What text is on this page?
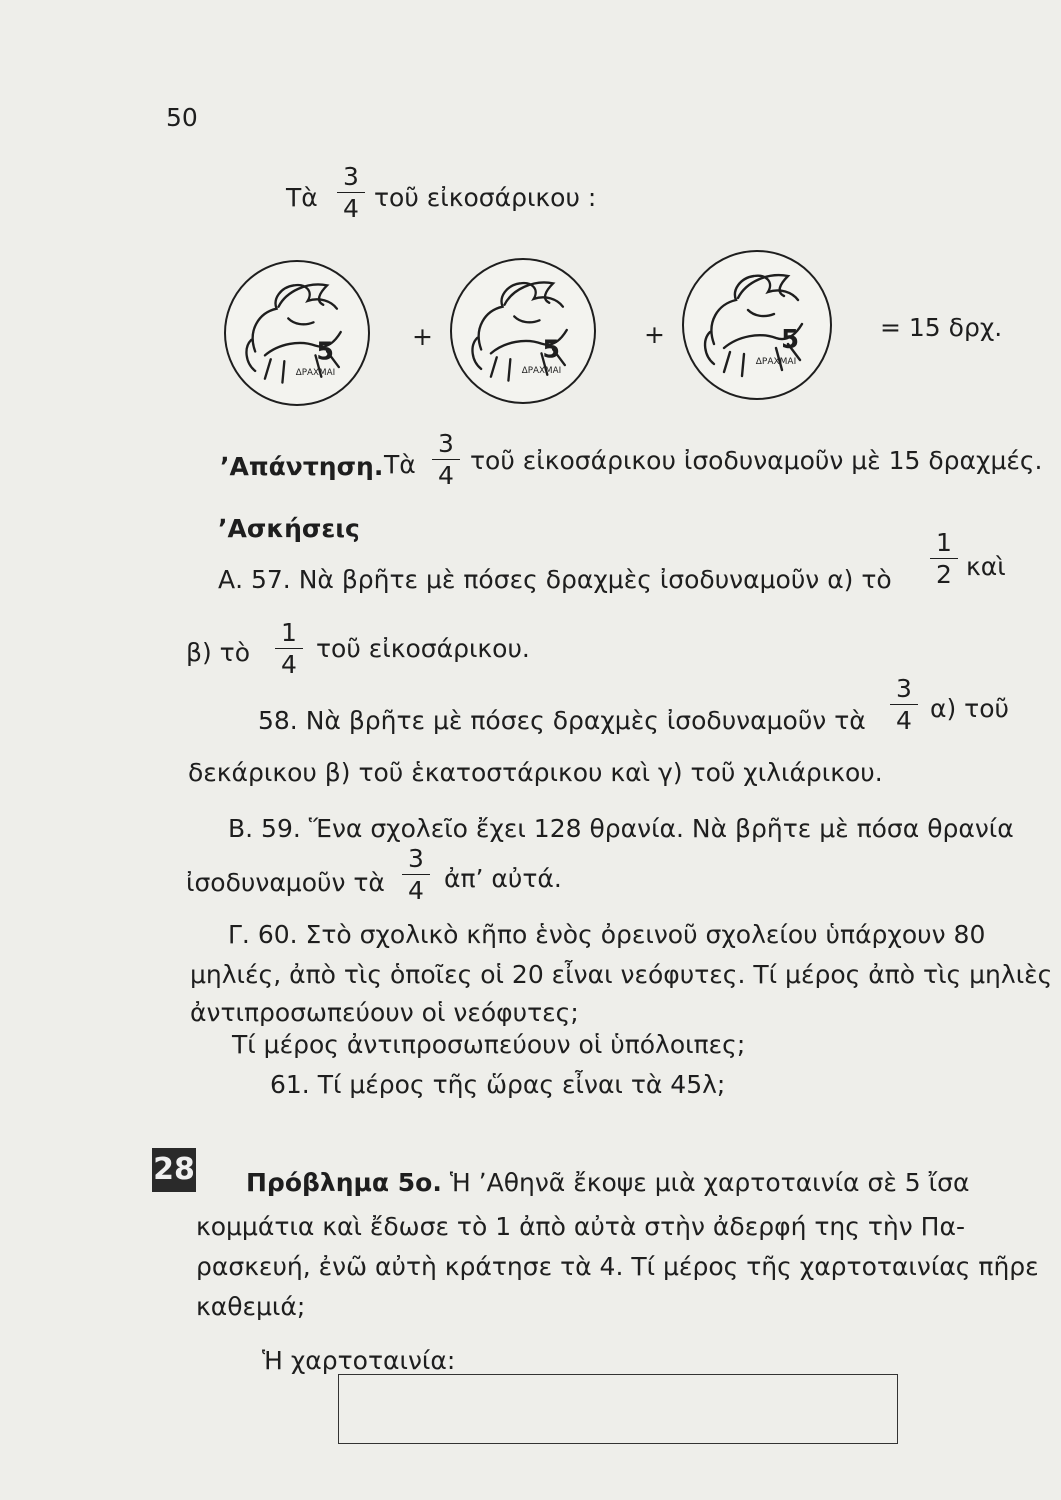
50
Τὰ
3
4 τοῦ εἰκοσάρικου :
5
ΔΡΑΧΜΑΙ
+	5
ΔΡΑΧΜΑΙ
+	5
ΔΡΑΧΜΑΙ
= 15 δρχ.
ʼΑπάντηση. Τὰ
3
4
τοῦ εἰκοσάρικου ἰσοδυναμοῦν μὲ 15 δραχμές.
ʼΑσκήσεις
Α. 57. Νὰ βρῆτε μὲ πόσες δραχμὲς ἰσοδυναμοῦν α) τὸ
1
2 καὶ
β) τὸ
1
4
τοῦ εἰκοσάρικου.
58. Νὰ βρῆτε μὲ πόσες δραχμὲς ἰσοδυναμοῦν τὰ
3
4 α) τοῦ
δεκάρικου β) τοῦ ἑκατοστάρικου καὶ γ) τοῦ χιλιάρικου.
Β. 59. Ἕνα σχολεῖο ἔχει 128 θρανία. Νὰ βρῆτε μὲ πόσα θρανία
ἰσοδυναμοῦν τὰ
3
4 ἀπ’ αὐτά.
Γ. 60. Στὸ σχολικὸ κῆπο ἑνὸς ὀρεινοῦ σχολείου ὑπάρχουν 80
μηλιές, ἀπὸ τὶς ὁποῖες οἱ 20 εἶναι νεόφυτες. Τί μέρος ἀπὸ τὶς μηλιὲς
ἀντιπροσωπεύουν οἱ νεόφυτες;
Τί μέρος ἀντιπροσωπεύουν οἱ ὑπόλοιπες;
61. Τί μέρος τῆς ὥρας εἶναι τὰ 45λ;
28 Πρόβλημα 5ο. Ἡ ʼΑθηνᾶ ἔκοψε μιὰ χαρτοταινία σὲ 5 ἴσα
κομμάτια καὶ ἔδωσε τὸ 1 ἀπὸ αὐτὰ στὴν ἀδερφή της τὴν Πα-
ρασκευή, ἐνῶ αὐτὴ κράτησε τὰ 4. Τί μέρος τῆς χαρτοταινίας πῆρε
καθεμιά;
Ἡ χαρτοταινία:
